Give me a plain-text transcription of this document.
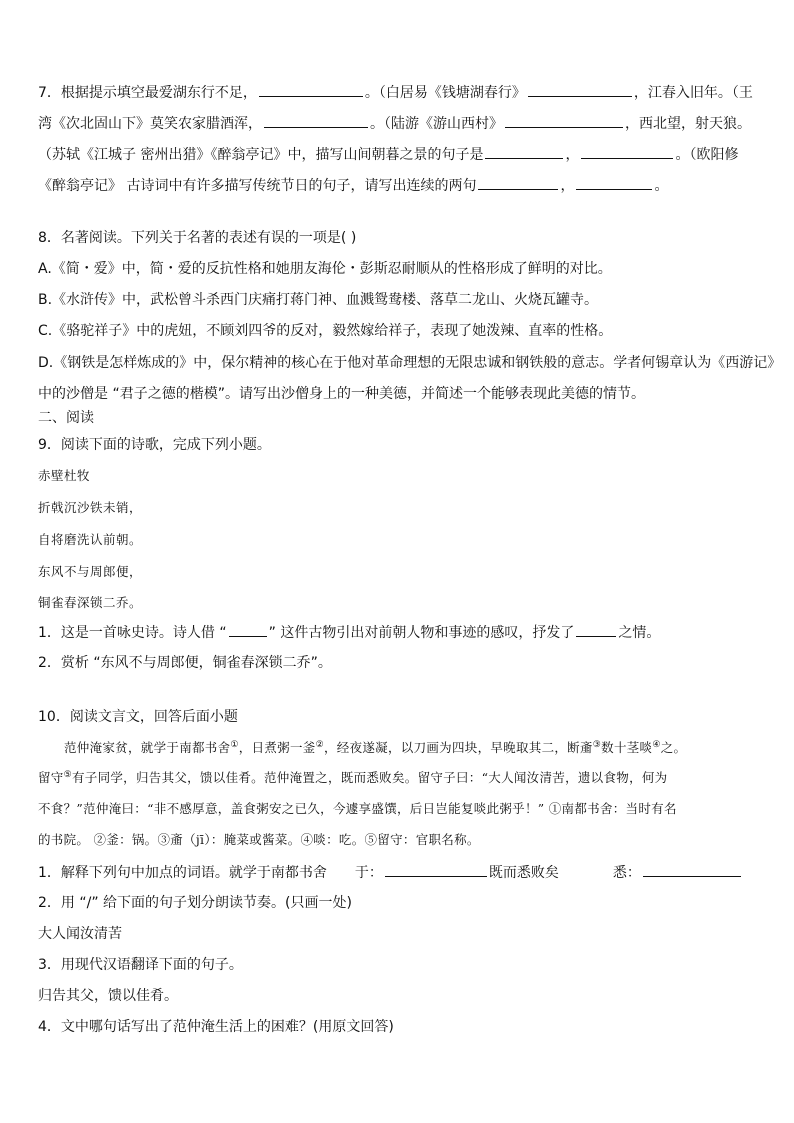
7．根据提示填空最爱湖东行不足，	。（白居易《钱塘湖春行》	，江春入旧年。（王
湾《次北固山下》莫笑农家腊酒浑，	。（陆游《游山西村》	，西北望，射天狼。
（苏轼《江城子 密州出猎》《醉翁亭记》中，描写山间朝暮之景的句子是	，	。（欧阳修
《醉翁亭记》 古诗词中有许多描写传统节日的句子，请写出连续的两句	，	。
8．名著阅读。下列关于名著的表述有误的一项是( )
A.《简・爱》中，简・爱的反抗性格和她朋友海伦・彭斯忍耐顺从的性格形成了鲜明的对比。
B.《水浒传》中，武松曾斗杀西门庆痛打蒋门神、血溅鸳鸯楼、落草二龙山、火烧瓦罐寺。
C.《骆驼祥子》中的虎妞，不顾刘四爷的反对，毅然嫁给祥子，表现了她泼辣、直率的性格。
D.《钢铁是怎样炼成的》中，保尔精神的核心在于他对革命理想的无限忠诚和钢铁般的意志。学者何锡章认为《西游记》
中的沙僧是 “君子之德的楷模”。请写出沙僧身上的一种美德，并简述一个能够表现此美德的情节。
二、阅读
9．阅读下面的诗歌，完成下列小题。
赤壁杜牧
折戟沉沙铁未销，
自将磨洗认前朝。
东风不与周郎便，
铜雀春深锁二乔。
1．这是一首咏史诗。诗人借 “	” 这件古物引出对前朝人物和事迹的感叹，抒发了	之情。
2．赏析 “东风不与周郎便，铜雀春深锁二乔”。
10．阅读文言文，回答后面小题
范仲淹家贫，就学于南都书舍①，日煮粥一釜②，经夜遂凝，以刀画为四块，早晚取其二，断齑③数十茎啖④之。
留守⑤有子同学，归告其父，馈以佳肴。范仲淹置之，既而悉败矣。留守子曰：“大人闻汝清苦，遗以食物，何为
不食？”范仲淹曰：“非不感厚意，盖食粥安之已久，今遽享盛馔，后日岂能复啖此粥乎！” ①南都书舍：当时有名
的书院。 ②釜：锅。③齑（jī）：腌菜或酱菜。④啖：吃。⑤留守：官职名称。
1．解释下列句中加点的词语。就学于南都书舍 于：	既而悉败矣	悉：
2．用 “/” 给下面的句子划分朗读节奏。(只画一处)
大人闻汝清苦
3．用现代汉语翻译下面的句子。
归告其父，馈以佳肴。
4．文中哪句话写出了范仲淹生活上的困难？(用原文回答)
